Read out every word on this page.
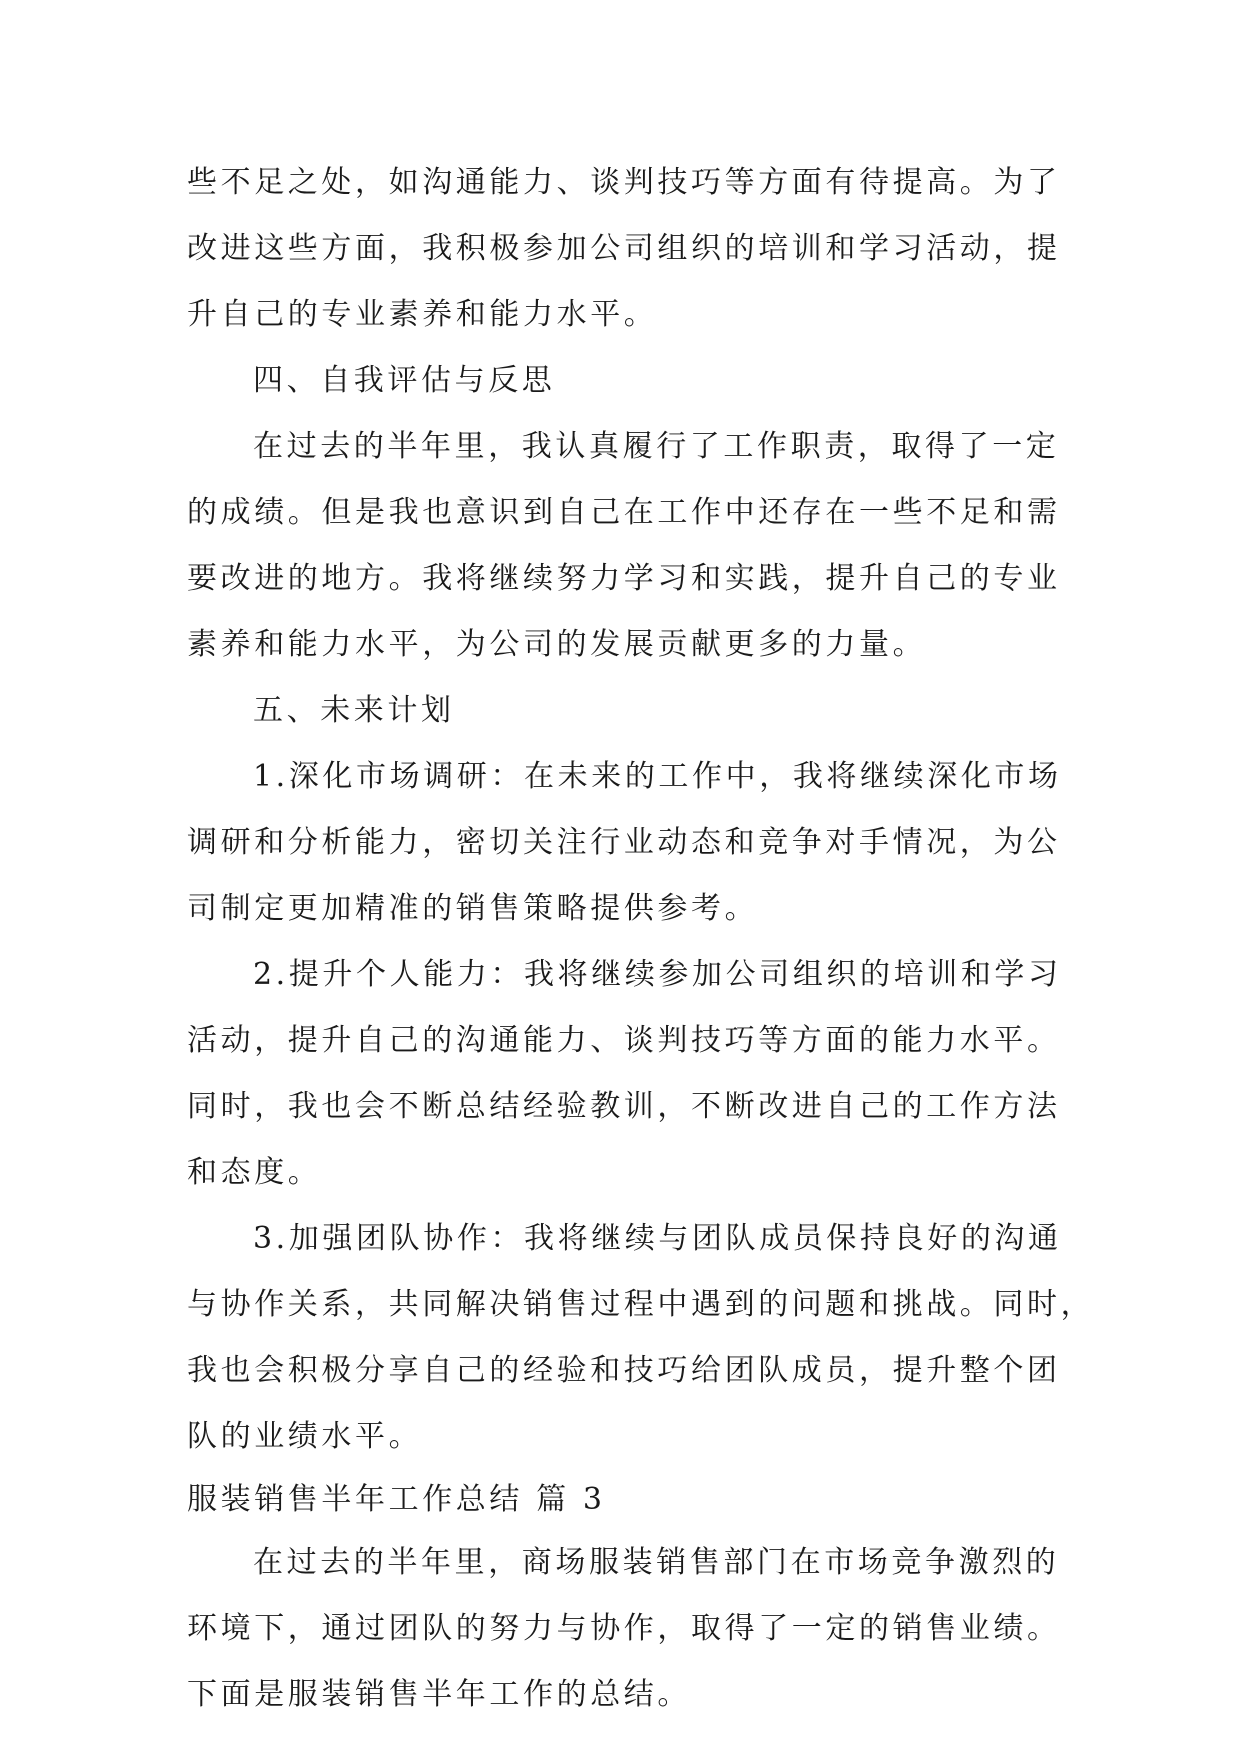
些不足之处，如沟通能力、谈判技巧等方面有待提高。为了
改进这些方面，我积极参加公司组织的培训和学习活动，提
升自己的专业素养和能力水平。
四、自我评估与反思
在过去的半年里，我认真履行了工作职责，取得了一定
的成绩。但是我也意识到自己在工作中还存在一些不足和需
要改进的地方。我将继续努力学习和实践，提升自己的专业
素养和能力水平，为公司的发展贡献更多的力量。
五、未来计划
1.深化市场调研：在未来的工作中，我将继续深化市场
调研和分析能力，密切关注行业动态和竞争对手情况，为公
司制定更加精准的销售策略提供参考。
2.提升个人能力：我将继续参加公司组织的培训和学习
活动，提升自己的沟通能力、谈判技巧等方面的能力水平。
同时，我也会不断总结经验教训，不断改进自己的工作方法
和态度。
3.加强团队协作：我将继续与团队成员保持良好的沟通
与协作关系，共同解决销售过程中遇到的问题和挑战。同时，
我也会积极分享自己的经验和技巧给团队成员，提升整个团
队的业绩水平。
服装销售半年工作总结 篇 3
在过去的半年里，商场服装销售部门在市场竞争激烈的
环境下，通过团队的努力与协作，取得了一定的销售业绩。
下面是服装销售半年工作的总结。
